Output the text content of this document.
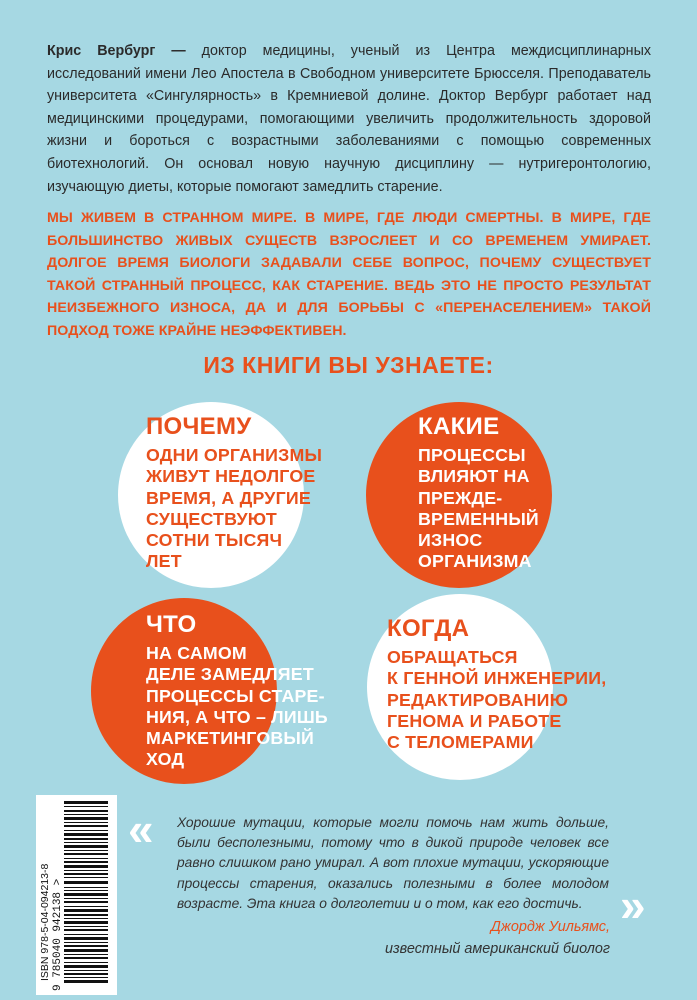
Крис Вербург — доктор медицины, ученый из Центра междисциплинарных исследований имени Лео Апостела в Свободном университете Брюсселя. Преподаватель университета «Сингулярность» в Кремниевой долине. Доктор Вербург работает над медицинскими процедурами, помогающими увеличить продолжительность здоровой жизни и бороться с возрастными заболеваниями с помощью современных биотехнологий. Он основал новую научную дисциплину — нутригеронтологию, изучающую диеты, которые помогают замедлить старение.

МЫ ЖИВЕМ В СТРАННОМ МИРЕ. В МИРЕ, ГДЕ ЛЮДИ СМЕРТНЫ. В МИРЕ, ГДЕ БОЛЬШИНСТВО ЖИВЫХ СУЩЕСТВ ВЗРОСЛЕЕТ И СО ВРЕМЕНЕМ УМИРАЕТ. ДОЛГОЕ ВРЕМЯ БИОЛОГИ ЗАДАВАЛИ СЕБЕ ВОПРОС, ПОЧЕМУ СУЩЕСТВУЕТ ТАКОЙ СТРАННЫЙ ПРОЦЕСС, КАК СТАРЕНИЕ. ВЕДЬ ЭТО НЕ ПРОСТО РЕЗУЛЬТАТ НЕИЗБЕЖНОГО ИЗНОСА, ДА И ДЛЯ БОРЬБЫ С «ПЕРЕНАСЕЛЕНИЕМ» ТАКОЙ ПОДХОД ТОЖЕ КРАЙНЕ НЕЭФФЕКТИВЕН.

ИЗ КНИГИ ВЫ УЗНАЕТЕ:
ПОЧЕМУ
ОДНИ ОРГАНИЗМЫ
ЖИВУТ НЕДОЛГОЕ
ВРЕМЯ, А ДРУГИЕ
СУЩЕСТВУЮТ
СОТНИ ТЫСЯЧ
ЛЕТ
КАКИЕ
ПРОЦЕССЫ
ВЛИЯЮТ НА
ПРЕЖДЕ-
ВРЕМЕННЫЙ
ИЗНОС
ОРГАНИЗМА
ЧТО
НА САМОМ
ДЕЛЕ ЗАМЕДЛЯЕТ
ПРОЦЕССЫ СТАРЕ-
НИЯ, А ЧТО – ЛИШЬ
МАРКЕТИНГОВЫЙ
ХОД
КОГДА
ОБРАЩАТЬСЯ
К ГЕННОЙ ИНЖЕНЕРИИ,
РЕДАКТИРОВАНИЮ
ГЕНОМА И РАБОТЕ
С ТЕЛОМЕРАМИ
ISBN 978-5-04-094213-8 9 785040 942138 >
« Хорошие мутации, которые могли помочь нам жить дольше, были бесполезными, потому что в дикой природе человек все равно слишком рано умирал. А вот плохие мутации, ускоряющие процессы старения, оказались полезными в более молодом возрасте. Эта книга о долголетии и о том, как его достичь. »
Джордж Уильямс,
известный американский биолог
